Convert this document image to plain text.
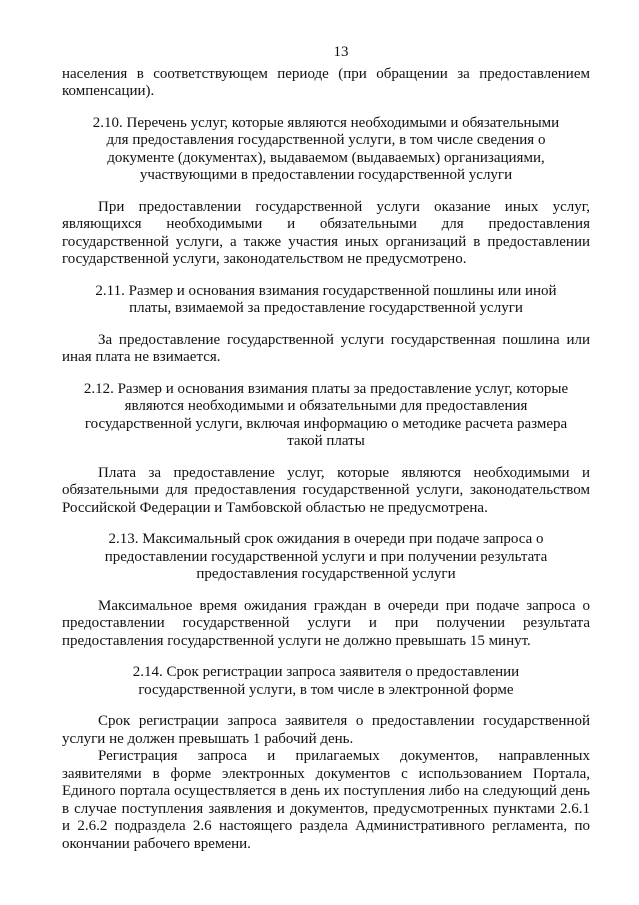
13

населения в соответствующем периоде (при обращении за предоставлением компенсации).

2.10. Перечень услуг, которые являются необходимыми и обязательными для предоставления государственной услуги, в том числе сведения о документе (документах), выдаваемом (выдаваемых) организациями, участвующими в предоставлении государственной услуги

При предоставлении государственной услуги оказание иных услуг, являющихся необходимыми и обязательными для предоставления государственной услуги, а также участия иных организаций в предоставлении государственной услуги, законодательством не предусмотрено.

2.11. Размер и основания взимания государственной пошлины или иной платы, взимаемой за предоставление государственной услуги

За предоставление государственной услуги государственная пошлина или иная плата не взимается.

2.12. Размер и основания взимания платы за предоставление услуг, которые являются необходимыми и обязательными для предоставления государственной услуги, включая информацию о методике расчета размера такой платы

Плата за предоставление услуг, которые являются необходимыми и обязательными для предоставления государственной услуги, законодательством Российской Федерации и Тамбовской областью не предусмотрена.

2.13. Максимальный срок ожидания в очереди при подаче запроса о предоставлении государственной услуги и при получении результата предоставления государственной услуги

Максимальное время ожидания граждан в очереди при подаче запроса о предоставлении государственной услуги и при получении результата предоставления государственной услуги не должно превышать 15 минут.

2.14. Срок регистрации запроса заявителя о предоставлении государственной услуги, в том числе в электронной форме

Срок регистрации запроса заявителя о предоставлении государственной услуги не должен превышать 1 рабочий день.

Регистрация запроса и прилагаемых документов, направленных заявителями в форме электронных документов с использованием Портала, Единого портала осуществляется в день их поступления либо на следующий день в случае поступления заявления и документов, предусмотренных пунктами 2.6.1 и 2.6.2 подраздела 2.6 настоящего раздела Административного регламента, по окончании рабочего времени.
